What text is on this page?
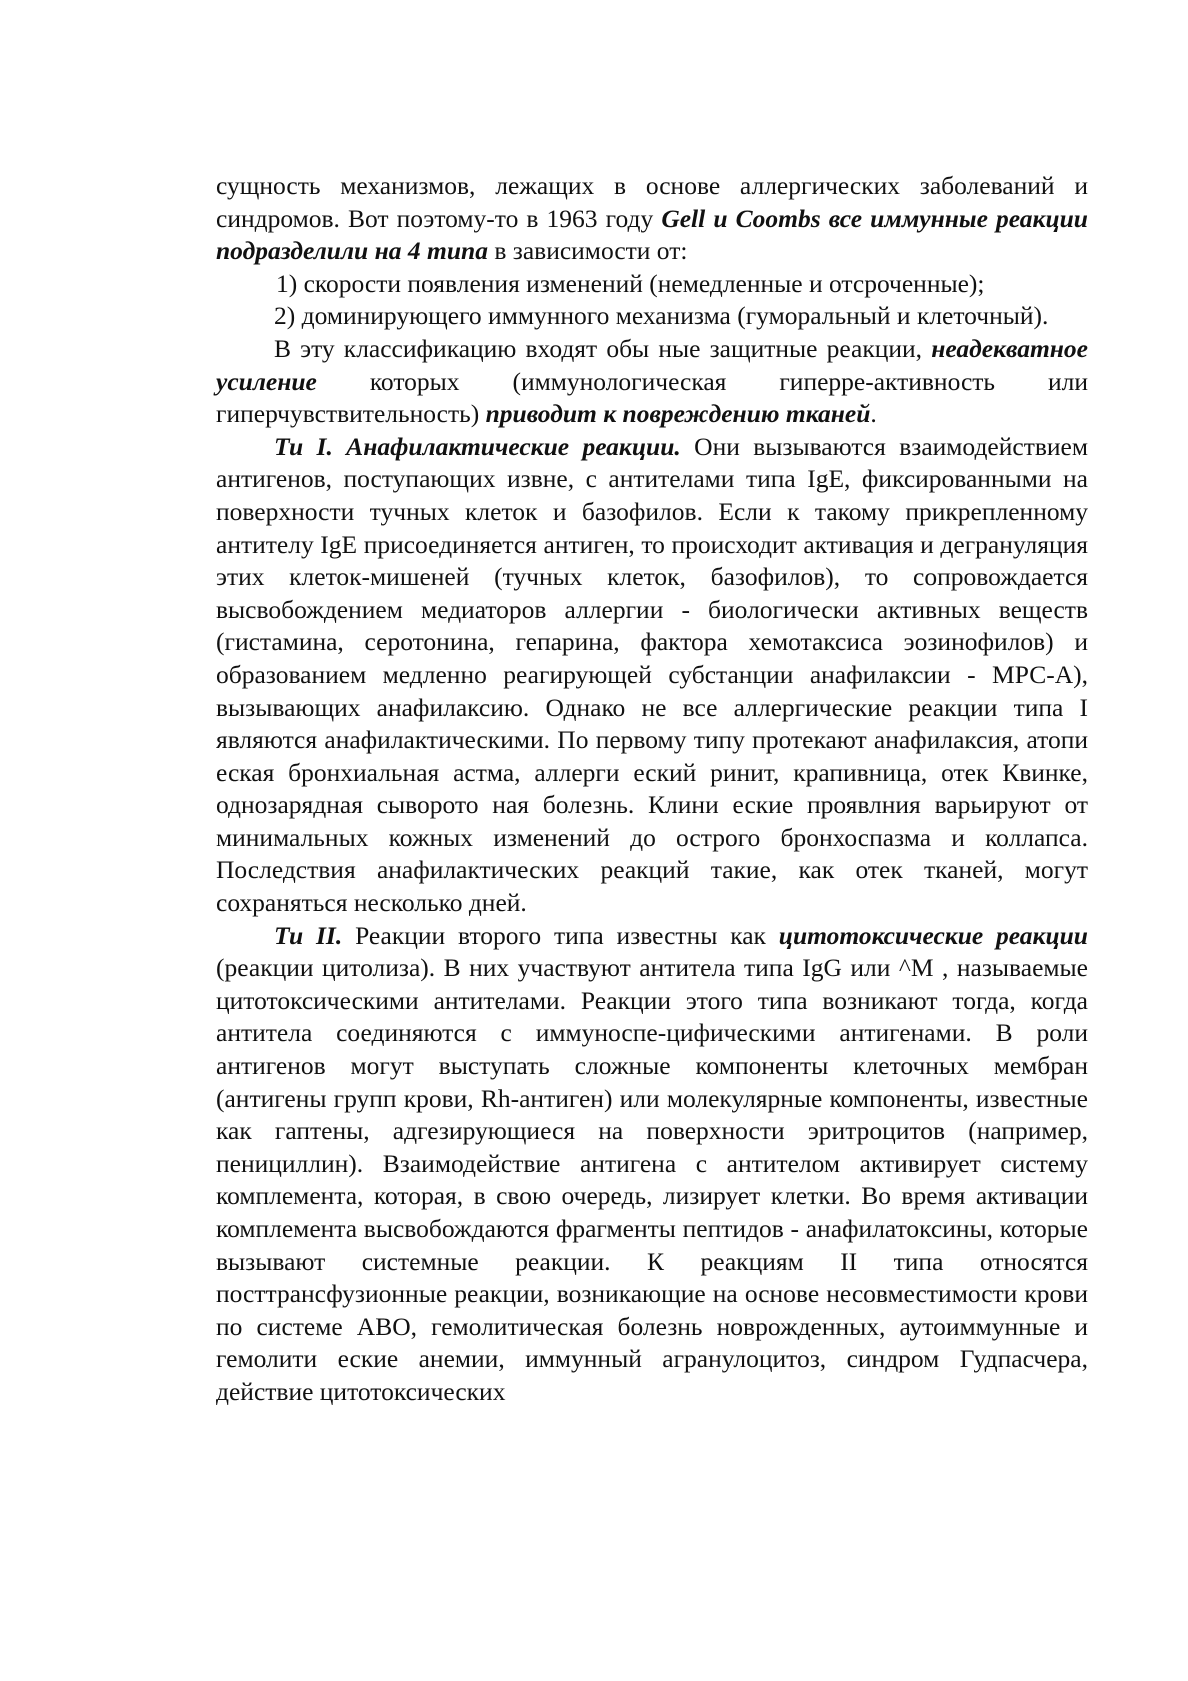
сущность механизмов, лежащих в основе аллергических заболеваний и синдромов. Вот поэтому-то в 1963 году Gell и Coombs все иммунные реакции подразделили на 4 типа в зависимости от:

1) скорости появления изменений (немедленные и отсроченные);

2) доминирующего иммунного механизма (гуморальный и клеточный).

В эту классификацию входят обы ные защитные реакции, неадекватное усиление которых (иммунологическая гиперре-активность или гиперчувствительность) приводит к повреждению тканей.

Ти I. Анафилактические реакции. Они вызываются взаимодействием антигенов, поступающих извне, с антителами типа IgE, фиксированными на поверхности тучных клеток и базофилов. Если к такому прикрепленному антителу IgE присоединяется антиген, то происходит активация и дегрануляция этих клеток-мишеней (тучных клеток, базофилов), то сопровождается высвобождением медиаторов аллергии - биологически активных веществ (гистамина, серотонина, гепарина, фактора хемотаксиса эозинофилов) и образованием медленно реагирующей субстанции анафилаксии - МРС-А), вызывающих анафилаксию. Однако не все аллергические реакции типа I являются анафилактическими. По первому типу протекают анафилаксия, атопи еская бронхиальная астма, аллерги еский ринит, крапивница, отек Квинке, однозарядная сыворото ная болезнь. Клини еские проявлния варьируют от минимальных кожных изменений до острого бронхоспазма и коллапса. Последствия анафилактических реакций такие, как отек тканей, могут сохраняться несколько дней.

Ти II. Реакции второго типа известны как цитотоксические реакции (реакции цитолиза). В них участвуют антитела типа IgG или ^M , называемые цитотоксическими антителами. Реакции этого типа возникают тогда, когда антитела соединяются с иммуноспе-цифическими антигенами. В роли антигенов могут выступать сложные компоненты клеточных мембран (антигены групп крови, Rh-антиген) или молекулярные компоненты, известные как гаптены, адгезирующиеся на поверхности эритроцитов (например, пенициллин). Взаимодействие антигена с антителом активирует систему комплемента, которая, в свою очередь, лизирует клетки. Во время активации комплемента высвобождаются фрагменты пептидов - анафилатоксины, которые вызывают системные реакции. К реакциям II типа относятся посттрансфузионные реакции, возникающие на основе несовместимости крови по системе АВО, гемолитическая болезнь новрожденных, аутоиммунные и гемолити еские анемии, иммунный агранулоцитоз, синдром Гудпасчера, действие цитотоксических
